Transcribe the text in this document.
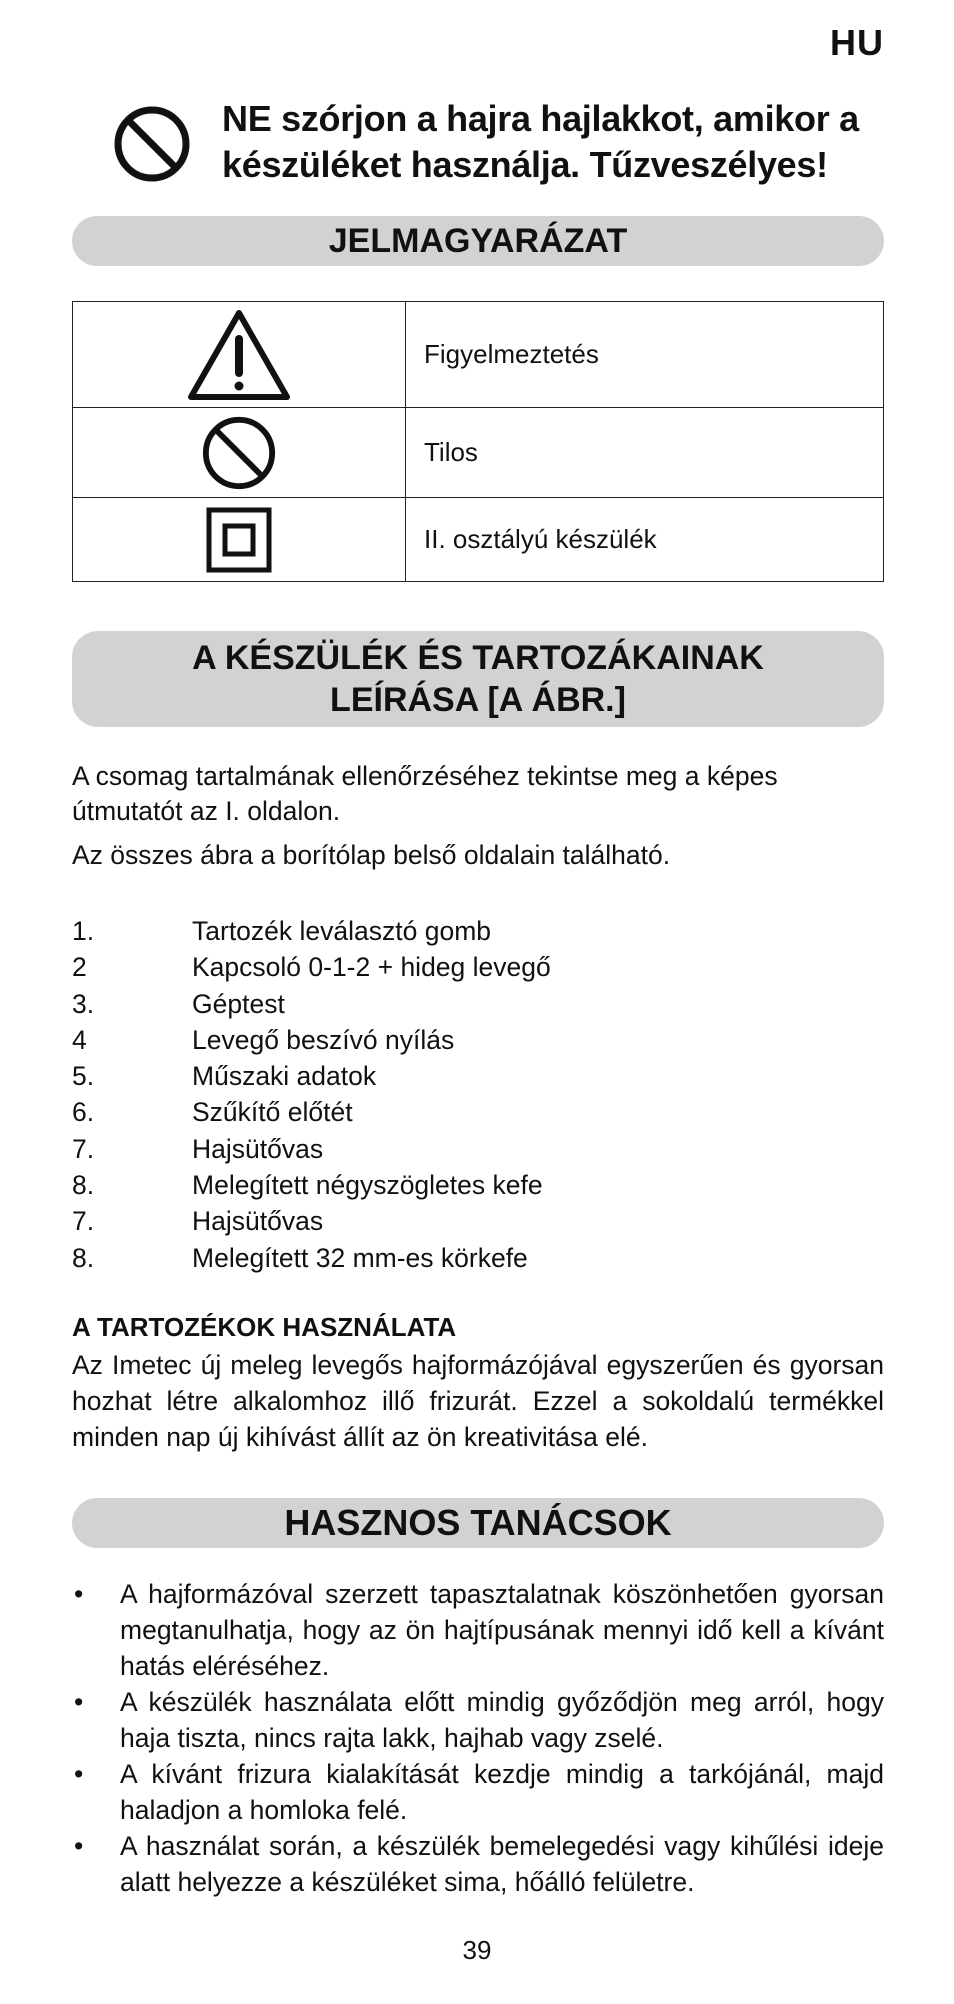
HU
NE szórjon a hajra hajlakkot, amikor a készüléket használja. Tűzveszélyes!
JELMAGYARÁZAT
	Figyelmeztetés
	Tilos
	II. osztályú készülék
A KÉSZÜLÉK ÉS TARTOZÁKAINAK
LEÍRÁSA [A ÁBR.]
A csomag tartalmának ellenőrzéséhez tekintse meg a képes útmutatót az I. oldalon.
Az összes ábra a borítólap belső oldalain található.
1.	Tartozék leválasztó gomb
2	Kapcsoló 0-1-2 + hideg levegő
3.	Géptest
4	Levegő beszívó nyílás
5.	Műszaki adatok
6.	Szűkítő előtét
7.	Hajsütővas
8.	Melegített négyszögletes kefe
7.	Hajsütővas
8.	Melegített 32 mm-es körkefe
A TARTOZÉKOK HASZNÁLATA
Az Imetec új meleg levegős hajformázójával egyszerűen és gyorsan hozhat létre alkalomhoz illő frizurát. Ezzel a sokoldalú termékkel minden nap új kihívást állít az ön kreativitása elé.
HASZNOS TANÁCSOK
• A hajformázóval szerzett tapasztalatnak köszönhetően gyorsan megtanulhatja, hogy az ön hajtípusának mennyi idő kell a kívánt hatás eléréséhez.
• A készülék használata előtt mindig győződjön meg arról, hogy haja tiszta, nincs rajta lakk, hajhab vagy zselé.
• A kívánt frizura kialakítását kezdje mindig a tarkójánál, majd haladjon a homloka felé.
• A használat során, a készülék bemelegedési vagy kihűlési ideje alatt helyezze a készüléket sima, hőálló felületre.
39
